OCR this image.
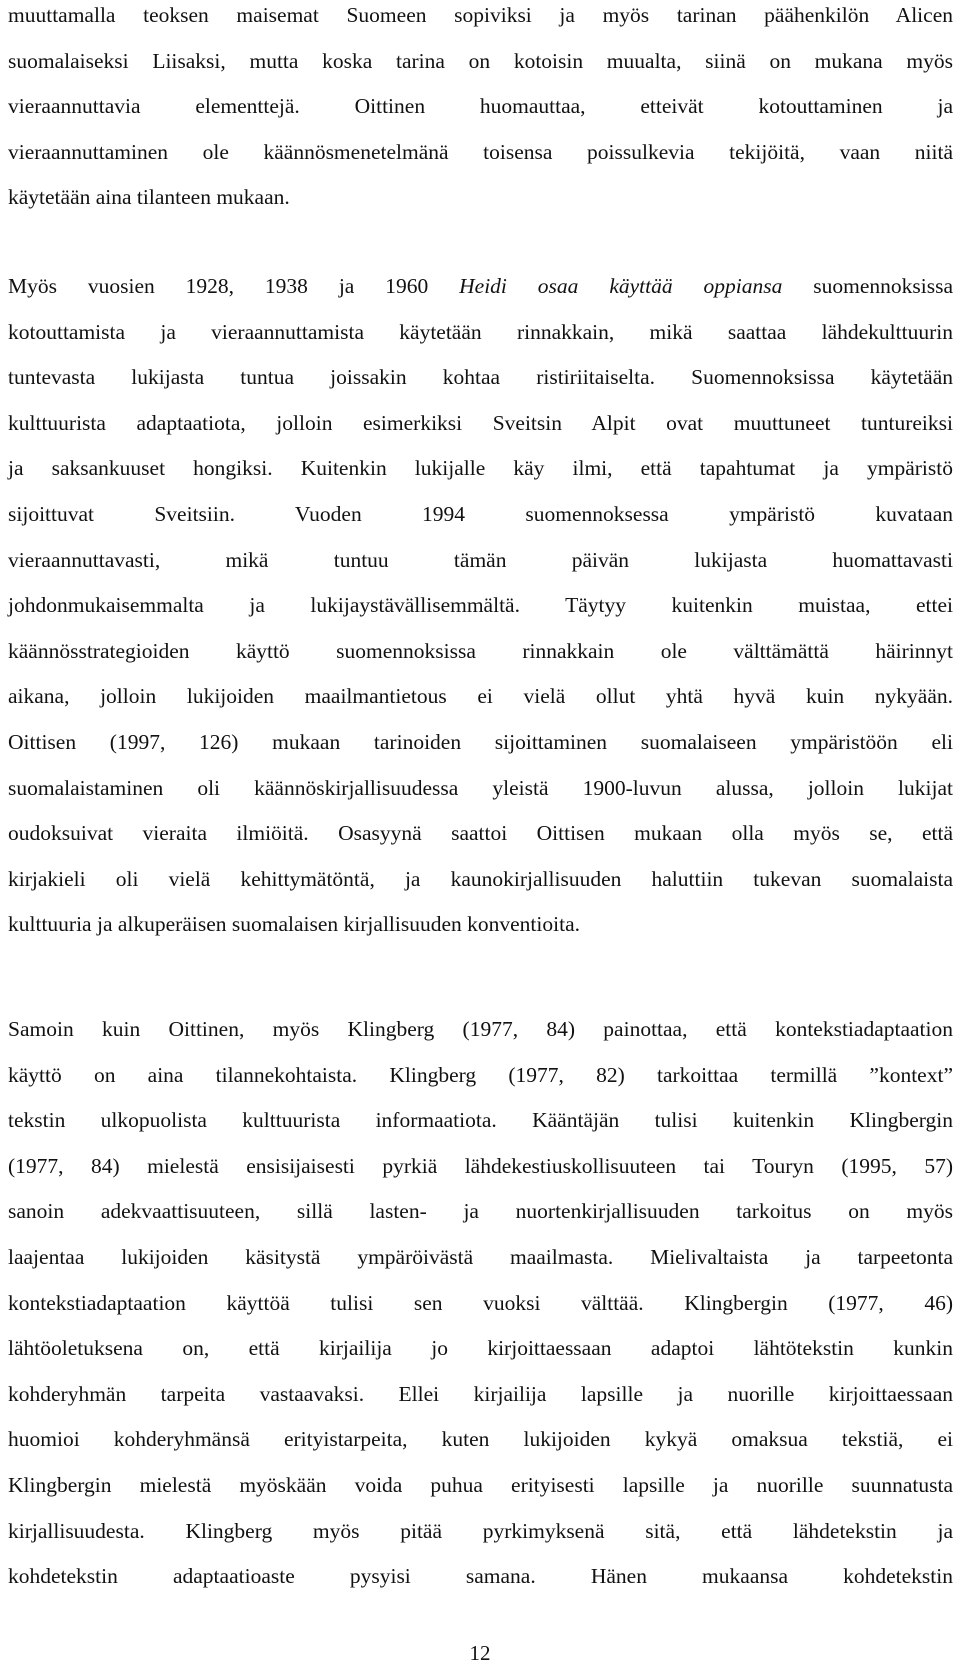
muuttamalla teoksen maisemat Suomeen sopiviksi ja myös tarinan päähenkilön Alicen
suomalaiseksi Liisaksi, mutta koska tarina on kotoisin muualta, siinä on mukana myös
vieraannuttavia elementtejä. Oittinen huomauttaa, etteivät kotouttaminen ja
vieraannuttaminen ole käännösmenetelmänä toisensa poissulkevia tekijöitä, vaan niitä
käytetään aina tilanteen mukaan.
Myös vuosien 1928, 1938 ja 1960 Heidi osaa käyttää oppiansa suomennoksissa
kotouttamista ja vieraannuttamista käytetään rinnakkain, mikä saattaa lähdekulttuurin
tuntevasta lukijasta tuntua joissakin kohtaa ristiriitaiselta. Suomennoksissa käytetään
kulttuurista adaptaatiota, jolloin esimerkiksi Sveitsin Alpit ovat muuttuneet tuntureiksi
ja saksankuuset hongiksi. Kuitenkin lukijalle käy ilmi, että tapahtumat ja ympäristö
sijoittuvat Sveitsiin. Vuoden 1994 suomennoksessa ympäristö kuvataan
vieraannuttavasti, mikä tuntuu tämän päivän lukijasta huomattavasti
johdonmukaisemmalta ja lukijaystävällisemmältä. Täytyy kuitenkin muistaa, ettei
käännösstrategioiden käyttö suomennoksissa rinnakkain ole välttämättä häirinnyt
aikana, jolloin lukijoiden maailmantietous ei vielä ollut yhtä hyvä kuin nykyään.
Oittisen (1997, 126) mukaan tarinoiden sijoittaminen suomalaiseen ympäristöön eli
suomalaistaminen oli käännöskirjallisuudessa yleistä 1900-luvun alussa, jolloin lukijat
oudoksuivat vieraita ilmiöitä. Osasyynä saattoi Oittisen mukaan olla myös se, että
kirjakieli oli vielä kehittymätöntä, ja kaunokirjallisuuden haluttiin tukevan suomalaista
kulttuuria ja alkuperäisen suomalaisen kirjallisuuden konventioita.
Samoin kuin Oittinen, myös Klingberg (1977, 84) painottaa, että kontekstiadaptaation
käyttö on aina tilannekohtaista. Klingberg (1977, 82) tarkoittaa termillä ”kontext”
tekstin ulkopuolista kulttuurista informaatiota. Kääntäjän tulisi kuitenkin Klingbergin
(1977, 84) mielestä ensisijaisesti pyrkiä lähdekestiuskollisuuteen tai Touryn (1995, 57)
sanoin adekvaattisuuteen, sillä lasten- ja nuortenkirjallisuuden tarkoitus on myös
laajentaa lukijoiden käsitystä ympäröivästä maailmasta. Mielivaltaista ja tarpeetonta
kontekstiadaptaation käyttöä tulisi sen vuoksi välttää. Klingbergin (1977, 46)
lähtöoletuksena on, että kirjailija jo kirjoittaessaan adaptoi lähtötekstin kunkin
kohderyhmän tarpeita vastaavaksi. Ellei kirjailija lapsille ja nuorille kirjoittaessaan
huomioi kohderyhmänsä erityistarpeita, kuten lukijoiden kykyä omaksua tekstiä, ei
Klingbergin mielestä myöskään voida puhua erityisesti lapsille ja nuorille suunnatusta
kirjallisuudesta. Klingberg myös pitää pyrkimyksenä sitä, että lähdetekstin ja
kohdetekstin adaptaatioaste pysyisi samana. Hänen mukaansa kohdetekstin
12
